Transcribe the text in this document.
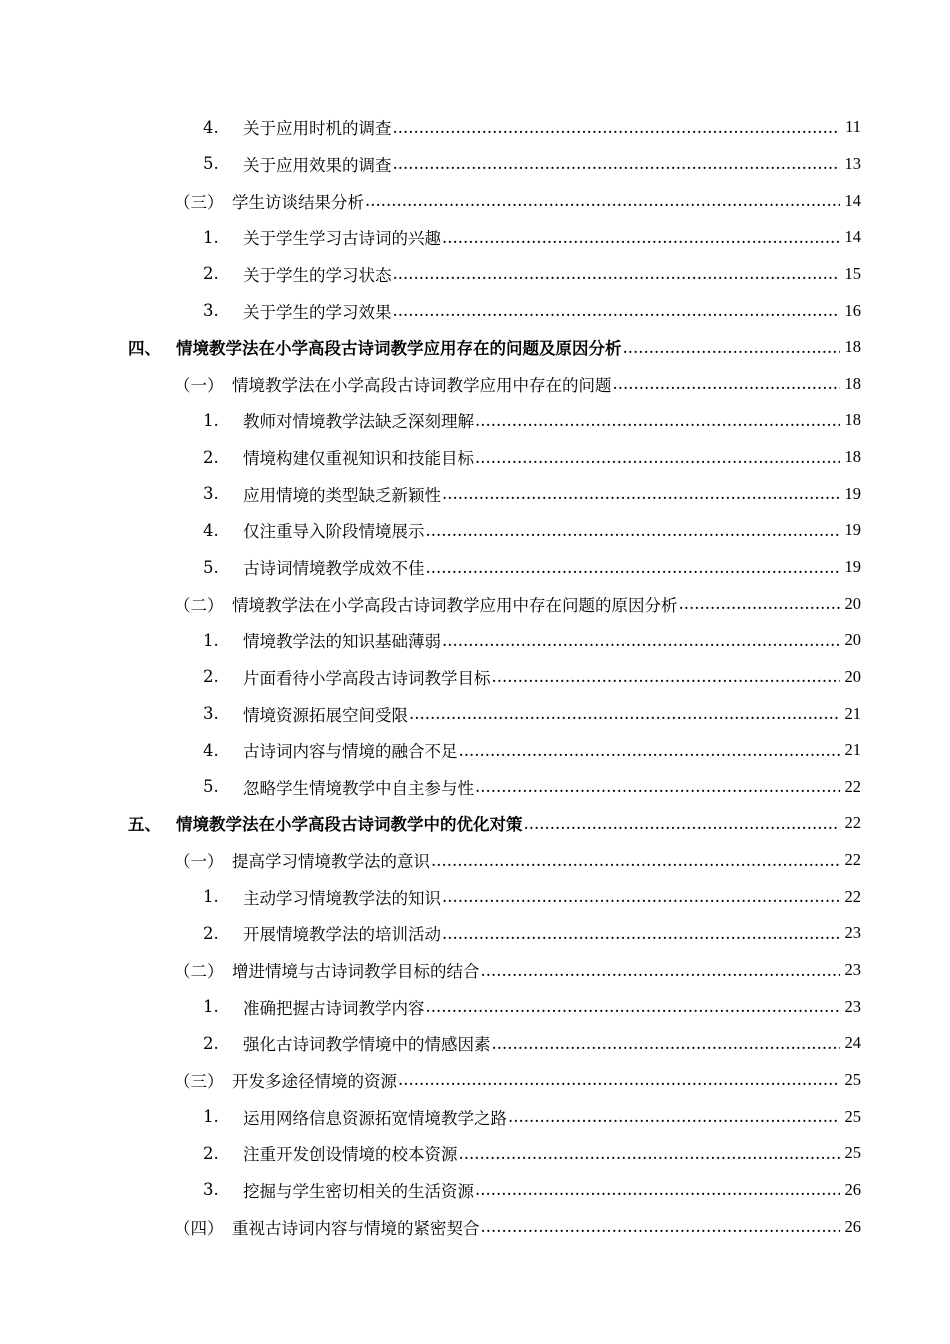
4. 关于应用时机的调查 .....	11
5. 关于应用效果的调查 .....	13
（三） 学生访谈结果分析 .....	14
1. 关于学生学习古诗词的兴趣 .....	14
2. 关于学生的学习状态 .....	15
3. 关于学生的学习效果 .....	16
四、 情境教学法在小学高段古诗词教学应用存在的问题及原因分析 .....	18
（一） 情境教学法在小学高段古诗词教学应用中存在的问题 .....	18
1. 教师对情境教学法缺乏深刻理解 .....	18
2. 情境构建仅重视知识和技能目标 .....	18
3. 应用情境的类型缺乏新颖性 .....	19
4. 仅注重导入阶段情境展示 .....	19
5. 古诗词情境教学成效不佳 .....	19
（二） 情境教学法在小学高段古诗词教学应用中存在问题的原因分析 .....	20
1. 情境教学法的知识基础薄弱 .....	20
2. 片面看待小学高段古诗词教学目标 .....	20
3. 情境资源拓展空间受限 .....	21
4. 古诗词内容与情境的融合不足 .....	21
5. 忽略学生情境教学中自主参与性 .....	22
五、 情境教学法在小学高段古诗词教学中的优化对策 .....	22
（一） 提高学习情境教学法的意识 .....	22
1. 主动学习情境教学法的知识 .....	22
2. 开展情境教学法的培训活动 .....	23
（二） 增进情境与古诗词教学目标的结合 .....	23
1. 准确把握古诗词教学内容 .....	23
2. 强化古诗词教学情境中的情感因素 .....	24
（三） 开发多途径情境的资源 .....	25
1. 运用网络信息资源拓宽情境教学之路 .....	25
2. 注重开发创设情境的校本资源 .....	25
3. 挖掘与学生密切相关的生活资源 .....	26
（四） 重视古诗词内容与情境的紧密契合 .....	26
